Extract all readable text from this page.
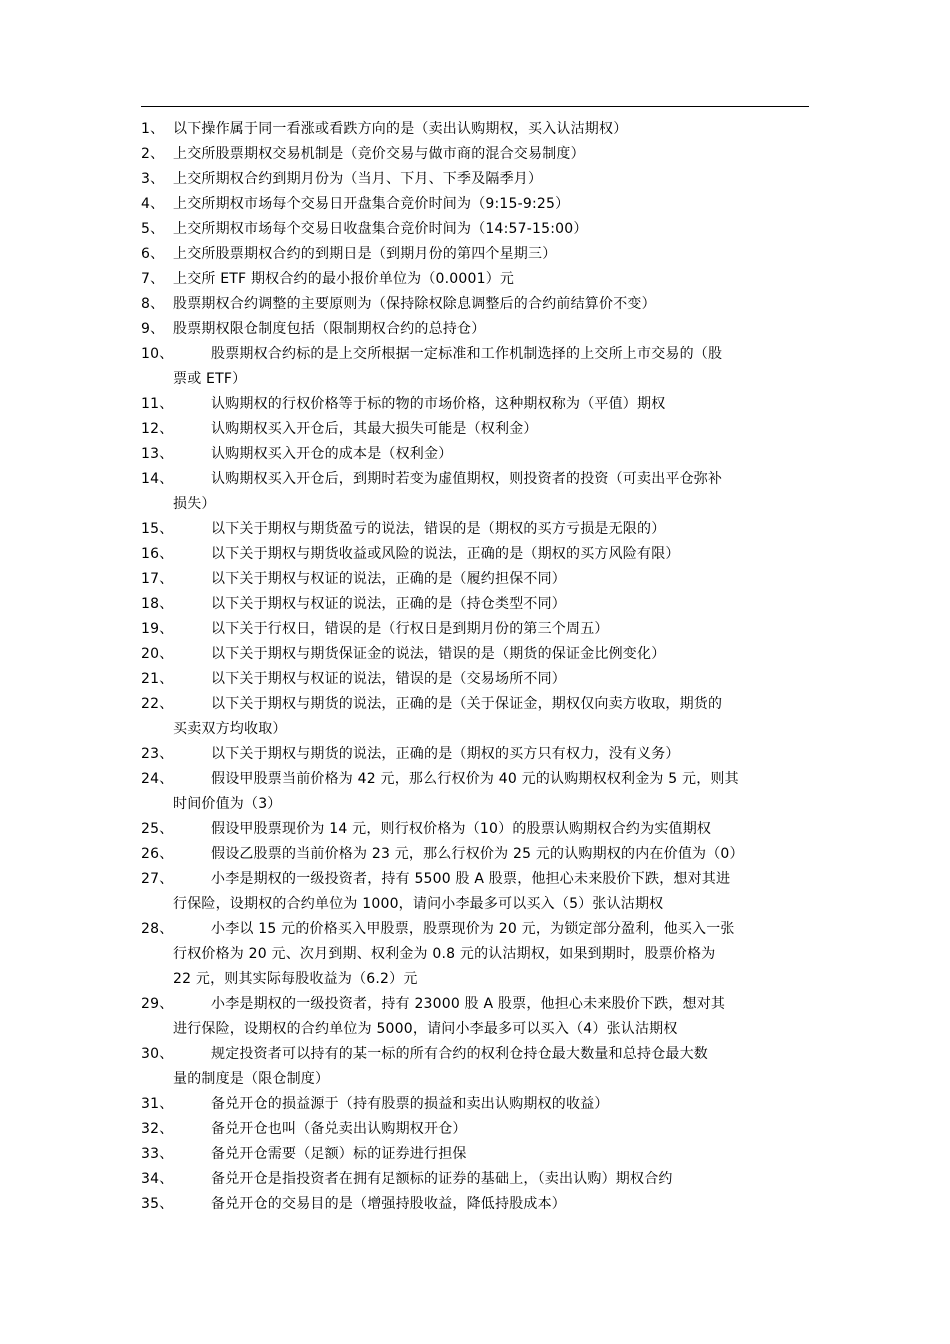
1、 以下操作属于同一看涨或看跌方向的是（卖出认购期权，买入认沽期权）
2、 上交所股票期权交易机制是（竞价交易与做市商的混合交易制度）
3、 上交所期权合约到期月份为（当月、下月、下季及隔季月）
4、 上交所期权市场每个交易日开盘集合竞价时间为（9:15-9:25）
5、 上交所期权市场每个交易日收盘集合竞价时间为（14:57-15:00）
6、 上交所股票期权合约的到期日是（到期月份的第四个星期三）
7、 上交所 ETF 期权合约的最小报价单位为（0.0001）元
8、 股票期权合约调整的主要原则为（保持除权除息调整后的合约前结算价不变）
9、 股票期权限仓制度包括（限制期权合约的总持仓）
10、	股票期权合约标的是上交所根据一定标准和工作机制选择的上交所上市交易的（股
票或 ETF）
11、	认购期权的行权价格等于标的物的市场价格，这种期权称为（平值）期权
12、	认购期权买入开仓后，其最大损失可能是（权利金）
13、	认购期权买入开仓的成本是（权利金）
14、	认购期权买入开仓后，到期时若变为虚值期权，则投资者的投资（可卖出平仓弥补
损失）
15、	以下关于期权与期货盈亏的说法，错误的是（期权的买方亏损是无限的）
16、	以下关于期权与期货收益或风险的说法，正确的是（期权的买方风险有限）
17、	以下关于期权与权证的说法，正确的是（履约担保不同）
18、	以下关于期权与权证的说法，正确的是（持仓类型不同）
19、	以下关于行权日，错误的是（行权日是到期月份的第三个周五）
20、	以下关于期权与期货保证金的说法，错误的是（期货的保证金比例变化）
21、	以下关于期权与权证的说法，错误的是（交易场所不同）
22、	以下关于期权与期货的说法，正确的是（关于保证金，期权仅向卖方收取，期货的
买卖双方均收取）
23、	以下关于期权与期货的说法，正确的是（期权的买方只有权力，没有义务）
24、	假设甲股票当前价格为 42 元，那么行权价为 40 元的认购期权权利金为 5 元，则其
时间价值为（3）
25、	假设甲股票现价为 14 元，则行权价格为（10）的股票认购期权合约为实值期权
26、	假设乙股票的当前价格为 23 元，那么行权价为 25 元的认购期权的内在价值为（0）
27、	小李是期权的一级投资者，持有 5500 股 A 股票，他担心未来股价下跌，想对其进
行保险，设期权的合约单位为 1000，请问小李最多可以买入（5）张认沽期权
28、	小李以 15 元的价格买入甲股票，股票现价为 20 元，为锁定部分盈利，他买入一张
行权价格为 20 元、次月到期、权利金为 0.8 元的认沽期权，如果到期时，股票价格为
22 元，则其实际每股收益为（6.2）元
29、	小李是期权的一级投资者，持有 23000 股 A 股票，他担心未来股价下跌，想对其
进行保险，设期权的合约单位为 5000，请问小李最多可以买入（4）张认沽期权
30、	规定投资者可以持有的某一标的所有合约的权利仓持仓最大数量和总持仓最大数
量的制度是（限仓制度）
31、	备兑开仓的损益源于（持有股票的损益和卖出认购期权的收益）
32、	备兑开仓也叫（备兑卖出认购期权开仓）
33、	备兑开仓需要（足额）标的证券进行担保
34、	备兑开仓是指投资者在拥有足额标的证券的基础上，（卖出认购）期权合约
35、	备兑开仓的交易目的是（增强持股收益，降低持股成本）
